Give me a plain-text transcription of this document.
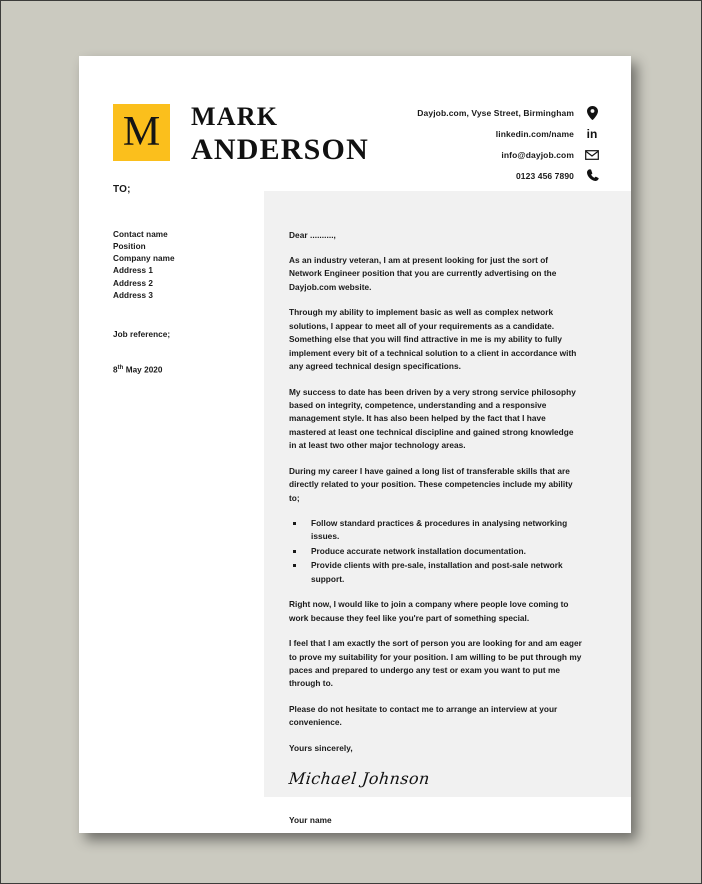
M	MARK
ANDERSON
Dayjob.com, Vyse Street, Birmingham
linkedin.com/name in
info@dayjob.com
0123 456 7890
TO;
Contact name
Position
Company name
Address 1
Address 2
Address 3
Job reference;
8th May 2020
Dear ..........,

As an industry veteran, I am at present looking for just the sort of Network Engineer position that you are currently advertising on the Dayjob.com website.

Through my ability to implement basic as well as complex network solutions, I appear to meet all of your requirements as a candidate. Something else that you will find attractive in me is my ability to fully implement every bit of a technical solution to a client in accordance with any agreed technical design specifications.

My success to date has been driven by a very strong service philosophy based on integrity, competence, understanding and a responsive management style. It has also been helped by the fact that I have mastered at least one technical discipline and gained strong knowledge in at least two other major technology areas.

During my career I have gained a long list of transferable skills that are directly related to your position. These competencies include my ability to;

Follow standard practices & procedures in analysing networking issues.
Produce accurate network installation documentation.
Provide clients with pre-sale, installation and post-sale network support.

Right now, I would like to join a company where people love coming to work because they feel like you're part of something special.

I feel that I am exactly the sort of person you are looking for and am eager to prove my suitability for your position. I am willing to be put through my paces and prepared to undergo any test or exam you want to put me through to.

Please do not hesitate to contact me to arrange an interview at your convenience.

Yours sincerely,
Michael Johnson
Your name
